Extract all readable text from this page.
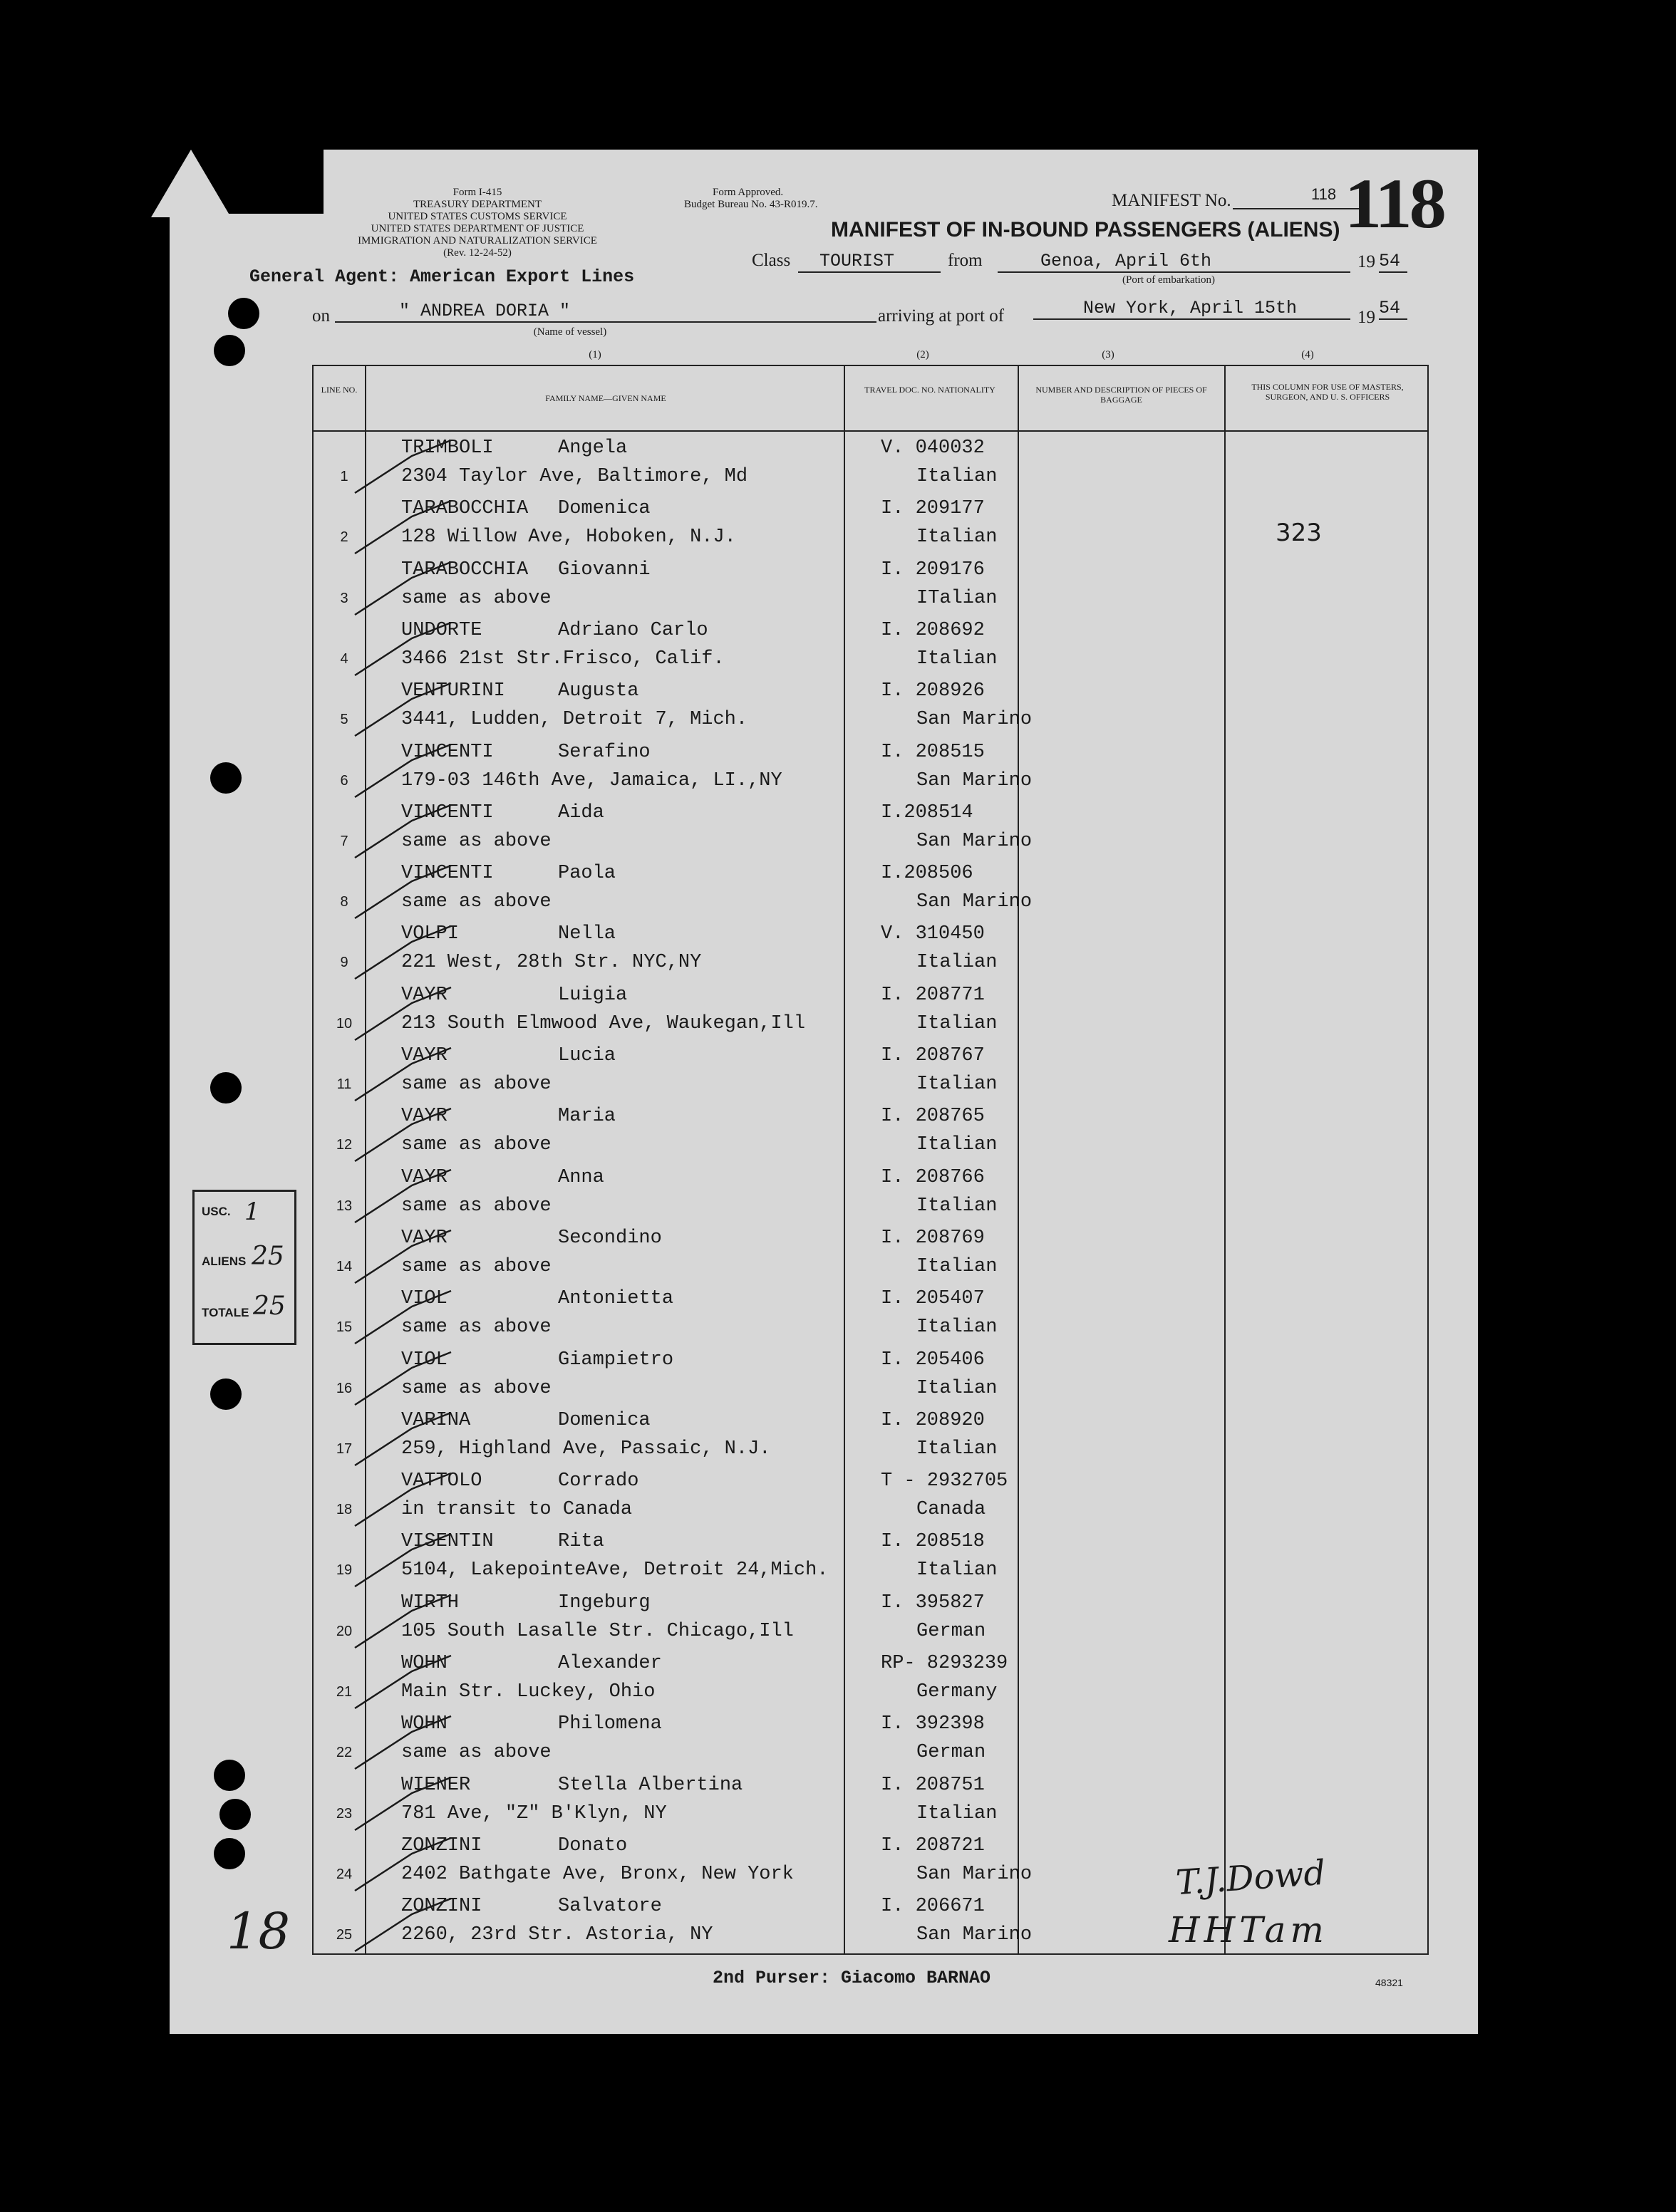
Form I-415
TREASURY DEPARTMENT
UNITED STATES CUSTOMS SERVICE
UNITED STATES DEPARTMENT OF JUSTICE
IMMIGRATION AND NATURALIZATION SERVICE
(Rev. 12-24-52)
Form Approved.
Budget Bureau No. 43-R019.7.	MANIFEST No.	118 118
MANIFEST OF IN-BOUND PASSENGERS (ALIENS)
General Agent: American Export Lines
Class	TOURIST	from	Genoa, April 6th	19 54
(Port of embarkation)
on	" ANDREA DORIA "
(Name of vessel)
arriving at port of	New York, April 15th	19 54
(1)	(2)	(3)	(4)
LINE NO.
FAMILY NAME—GIVEN NAME
TRAVEL DOC. NO. NATIONALITY	NUMBER AND DESCRIPTION OF PIECES OF BAGGAGE
THIS COLUMN FOR USE OF MASTERS, SURGEON, AND U. S. OFFICERS
1
TRIMBOLI	Angela
2304 Taylor Ave, Baltimore, Md
V. 040032
Italian
2
TARABOCCHIA Domenica
128 Willow Ave, Hoboken, N.J.
I. 209177
Italian
3
TARABOCCHIA Giovanni
same as above
I. 209176
ITalian
4
UNDORTE	Adriano Carlo
3466 21st Str.Frisco, Calif.
I. 208692
Italian
5
VENTURINI	Augusta
3441, Ludden, Detroit 7, Mich.
I. 208926
San Marino
6
VINCENTI	Serafino
179-03 146th Ave, Jamaica, LI.,NY
I. 208515
San Marino
7
VINCENTI	Aida
same as above
I.208514
San Marino
8
VINCENTI	Paola
same as above
I.208506
San Marino
9
VOLPI	Nella
221 West, 28th Str. NYC,NY
V. 310450
Italian
10
VAYR	Luigia
213 South Elmwood Ave, Waukegan,Ill
I. 208771
Italian
11
VAYR	Lucia
same as above
I. 208767
Italian
12
VAYR	Maria
same as above
I. 208765
Italian
13
VAYR	Anna
same as above
I. 208766
Italian
14
VAYR	Secondino
same as above
I. 208769
Italian
15
VIOL	Antonietta
same as above
I. 205407
Italian
16
VIOL	Giampietro
same as above
I. 205406
Italian
17
VARINA	Domenica
259, Highland Ave, Passaic, N.J.
I. 208920
Italian
18
VATTOLO	Corrado
in transit to Canada
T - 2932705
Canada
19
VISENTIN	Rita
5104, LakepointeAve, Detroit 24,Mich.
I. 208518
Italian
20
WIRTH	Ingeburg
105 South Lasalle Str. Chicago,Ill
I. 395827
German
21
WOHN	Alexander
Main Str. Luckey, Ohio
RP- 8293239
Germany
22
WOHN	Philomena
same as above
I. 392398
German
23
WIENER	Stella Albertina
781 Ave, "Z" B'Klyn, NY
I. 208751
Italian
24
ZONZINI	Donato
2402 Bathgate Ave, Bronx, New York
I. 208721
San Marino
25
ZONZINI	Salvatore
2260, 23rd Str. Astoria, NY
I. 206671
San Marino
323
T.J.Dowd
HHTam
18
USC. 1
ALIENS 25
TOTALE 25
2nd Purser: Giacomo BARNAO	48321
